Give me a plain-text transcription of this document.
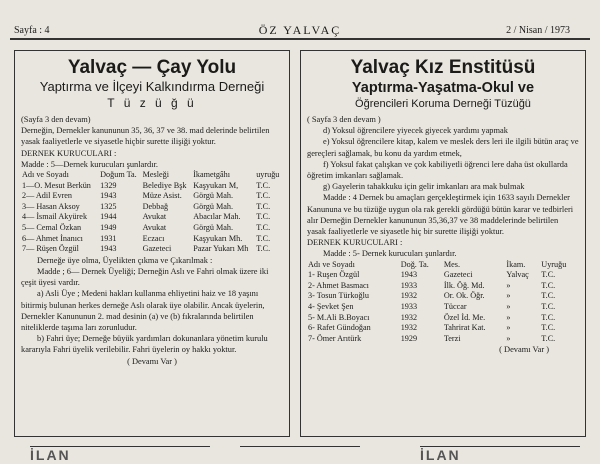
Sayfa : 4	ÖZ YALVAÇ	2 / Nisan / 1973
Yalvaç — Çay Yolu
Yaptırma ve İlçeyi Kalkındırma Derneği
T ü z ü ğ ü

(Sayfa 3 den devam)

Derneğin, Dernekler kanununun 35, 36, 37 ve 38. mad delerinde belirtilen yasak faaliyetlerle ve siyasetle hiçbir surette ilişiği yoktur.

DERNEK KURUCULARI :

Madde : 5—Dernek kurucuları şunlardır.

Adı ve Soyadı	Doğum Ta.	Mesleği	İkametgâhı	uyruğu
1—O. Mesut Berkün	1329	Belediye Bşk	Kaşyukarı M,	T.C.
2— Adil Evren	1943	Müze Asist.	Görgü Mah.	T.C.
3— Hasan Aksoy	1325	Debbağ	Görgü Mah.	T.C.
4— İsmail Akyürek	1944	Avukat	Abacılar Mah.	T.C.
5— Cemal Özkan	1949	Avukat	Görgü Mah.	T.C.
6— Ahmet İnanıcı	1931	Eczacı	Kaşyukarı Mh.	T.C.
7— Rüşen Özgül	1943	Gazeteci	Pazar Yukarı Mh	T.C.

Derneğe üye olma, Üyelikten çıkma ve Çıkarılmak :

Madde ; 6— Dernek Üyeliği; Derneğin Aslı ve Fahri olmak üzere iki çeşit üyesi vardır.

a) Asli Üye ; Medeni hakları kullanma ehliyetini haiz ve 18 yaşını bitirmiş bulunan herkes derneğe Aslı olarak üye olabilir. Ancak üyelerin, Dernekler Kanununun 2. mad desinin (a) ve (b) fıkralarında belirtilen niteliklerde taşıma ları zorunludur.

b) Fahri üye; Derneğe büyük yardımları dokunanlara yönetim kurulu kararıyla Fahri üyelik verilebilir. Fahri üyelerin oy hakkı yoktur.

( Devamı Var )

Yalvaç Kız Enstitüsü
Yaptırma-Yaşatma-Okul ve
Öğrencileri Koruma Derneği Tüzüğü

( Sayfa 3 den devam )

d) Yoksul öğrencilere yiyecek giyecek yardımı yapmak

e) Yoksul öğrencilere kitap, kalem ve meslek ders leri ile ilgili bütün araç ve gereçleri sağlamak, bu konu da yardım etmek,

f) Yoksul fakat çalışkan ve çok kabiliyetli öğrenci lere daha üst okullarda öğretim imkanları sağlamak.

g) Gayelerin tahakkuku için gelir imkanları ara mak bulmak

Madde : 4 Dernek bu amaçları gerçekleştirmek için 1633 sayılı Dernekler Kanununa ve bu tüzüğe uygun ola rak gerekli gördüğü bütün karar ve tedbirleri alır Derneğin Dernekler kanununun 35,36,37 ve 38 maddelerinde belirtilen yasak faaliyetlerle ve siyasetle hiç bir surette ilişiği yoktur.

DERNEK KURUCULARI :

Madde : 5- Dernek kurucuları şunlardır.

Adı ve Soyadı	Doğ. Ta.	Mes.	İkam.	Uyruğu
1- Ruşen Özgül	1943	Gazeteci	Yalvaç	T.C.
2- Ahmet Basmacı	1933	İlk. Öğ. Md.	»	T.C.
3- Tosun Türkoğlu	1932	Or. Ok. Öğr.	»	T.C.
4- Şevket Şen	1933	Tüccar	»	T.C.
5- M.Ali B.Boyacı	1932	Özel İd. Me.	»	T.C.
6- Rafet Gündoğan	1932	Tahrirat Kat.	»	T.C.
7- Ömer Arıtürk	1929	Terzi	»	T.C.

( Devamı Var )

İLAN	İLAN
